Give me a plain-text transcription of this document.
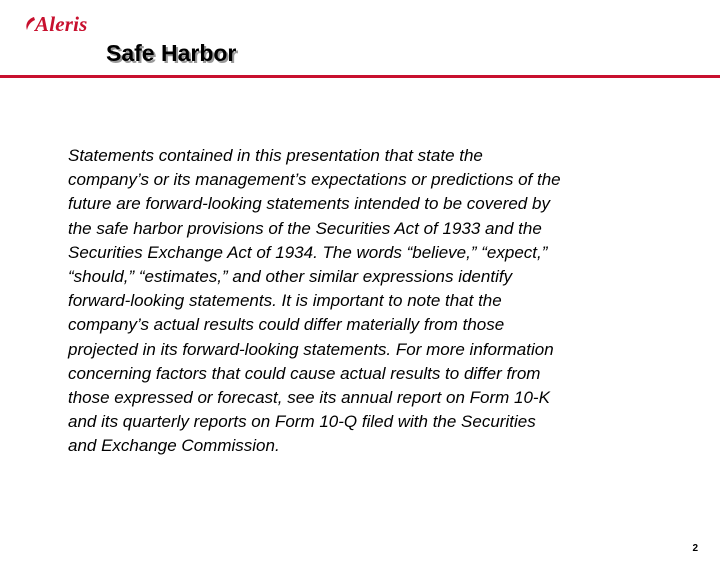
Aleris
Safe Harbor

Statements contained in this presentation that state the
company’s or its management’s expectations or predictions of the
future are forward-looking statements intended to be covered by
the safe harbor provisions of the Securities Act of 1933 and the
Securities Exchange Act of 1934. The words “believe,” “expect,”
“should,” “estimates,” and other similar expressions identify
forward-looking statements. It is important to note that the
company’s actual results could differ materially from those
projected in its forward-looking statements. For more information
concerning factors that could cause actual results to differ from
those expressed or forecast, see its annual report on Form 10-K
and its quarterly reports on Form 10-Q filed with the Securities
and Exchange Commission.

2
